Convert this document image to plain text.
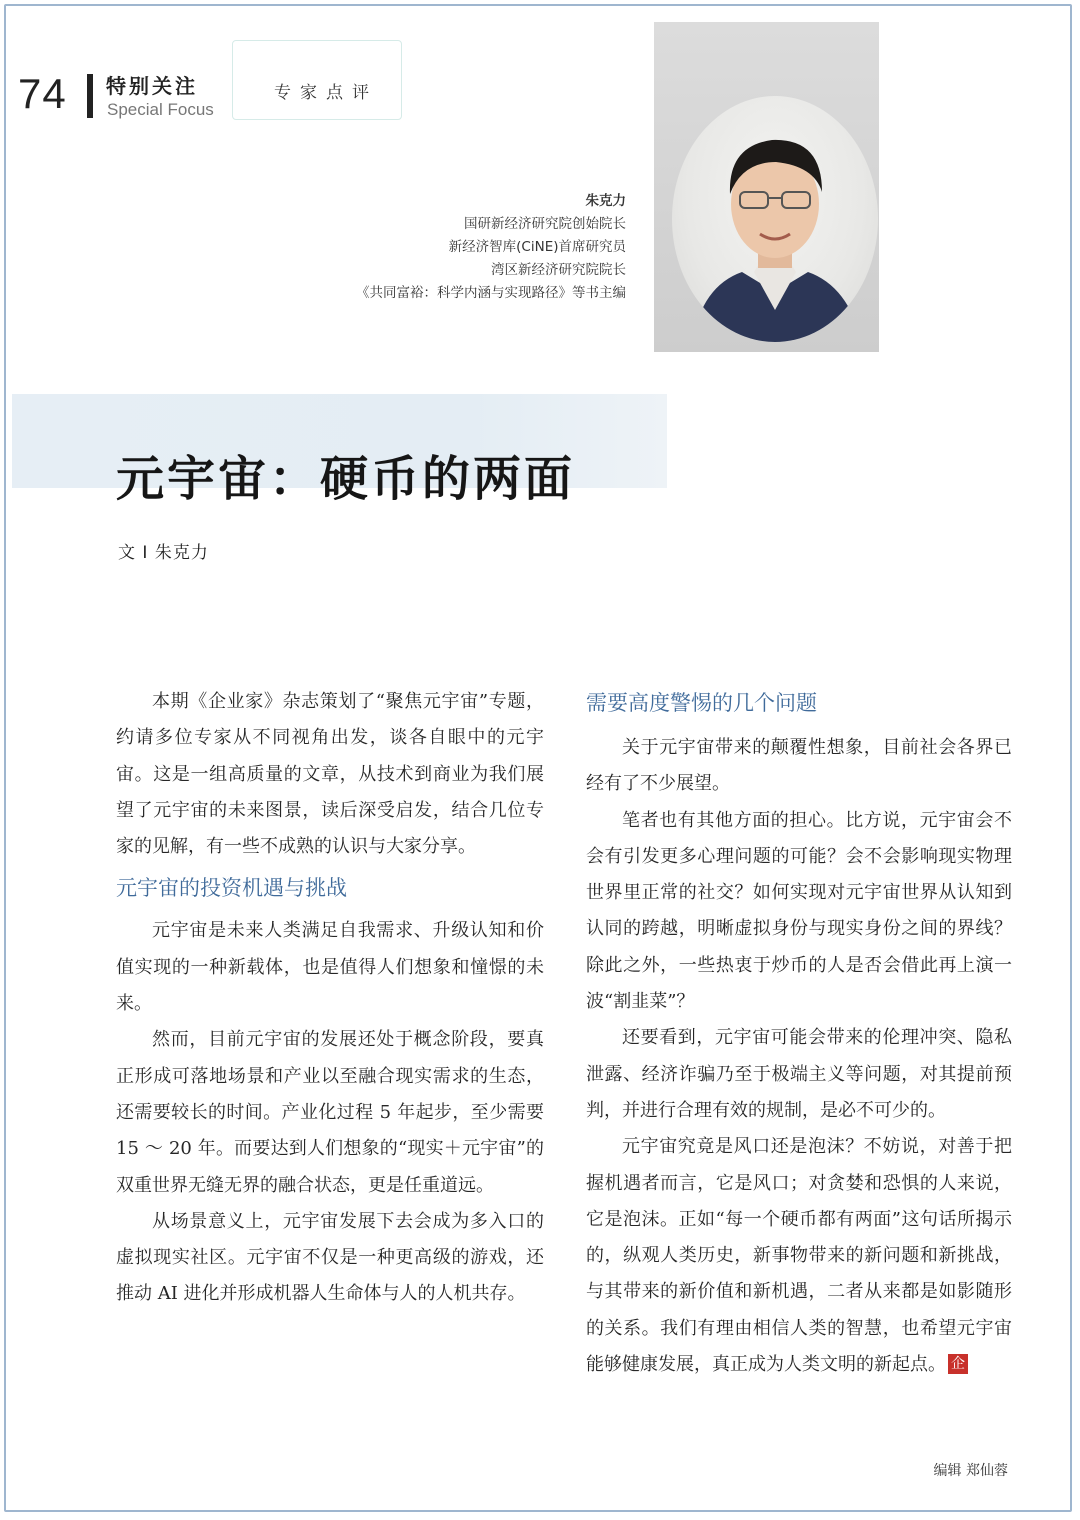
74 特别关注
Special Focus
专家点评
朱克力
国研新经济研究院创始院长
新经济智库(CiNE)首席研究员
湾区新经济研究院院长
《共同富裕：科学内涵与实现路径》等书主编
元宇宙：硬币的两面
文 I 朱克力

本期《企业家》杂志策划了“聚焦元宇宙”专题，约请多位专家从不同视角出发，谈各自眼中的元宇宙。这是一组高质量的文章，从技术到商业为我们展望了元宇宙的未来图景，读后深受启发，结合几位专家的见解，有一些不成熟的认识与大家分享。

元宇宙的投资机遇与挑战

元宇宙是未来人类满足自我需求、升级认知和价值实现的一种新载体，也是值得人们想象和憧憬的未来。

然而，目前元宇宙的发展还处于概念阶段，要真正形成可落地场景和产业以至融合现实需求的生态，还需要较长的时间。产业化过程 5 年起步，至少需要 15 ～ 20 年。而要达到人们想象的“现实＋元宇宙”的双重世界无缝无界的融合状态，更是任重道远。

从场景意义上，元宇宙发展下去会成为多入口的虚拟现实社区。元宇宙不仅是一种更高级的游戏，还推动 AI 进化并形成机器人生命体与人的人机共存。

需要高度警惕的几个问题

关于元宇宙带来的颠覆性想象，目前社会各界已经有了不少展望。

笔者也有其他方面的担心。比方说，元宇宙会不会有引发更多心理问题的可能？会不会影响现实物理世界里正常的社交？如何实现对元宇宙世界从认知到认同的跨越，明晰虚拟身份与现实身份之间的界线？除此之外，一些热衷于炒币的人是否会借此再上演一波“割韭菜”？

还要看到，元宇宙可能会带来的伦理冲突、隐私泄露、经济诈骗乃至于极端主义等问题，对其提前预判，并进行合理有效的规制，是必不可少的。

元宇宙究竟是风口还是泡沫？不妨说，对善于把握机遇者而言，它是风口；对贪婪和恐惧的人来说，它是泡沫。正如“每一个硬币都有两面”这句话所揭示的，纵观人类历史，新事物带来的新问题和新挑战，与其带来的新价值和新机遇，二者从来都是如影随形的关系。我们有理由相信人类的智慧，也希望元宇宙能够健康发展，真正成为人类文明的新起点。 企

编辑 郑仙蓉
